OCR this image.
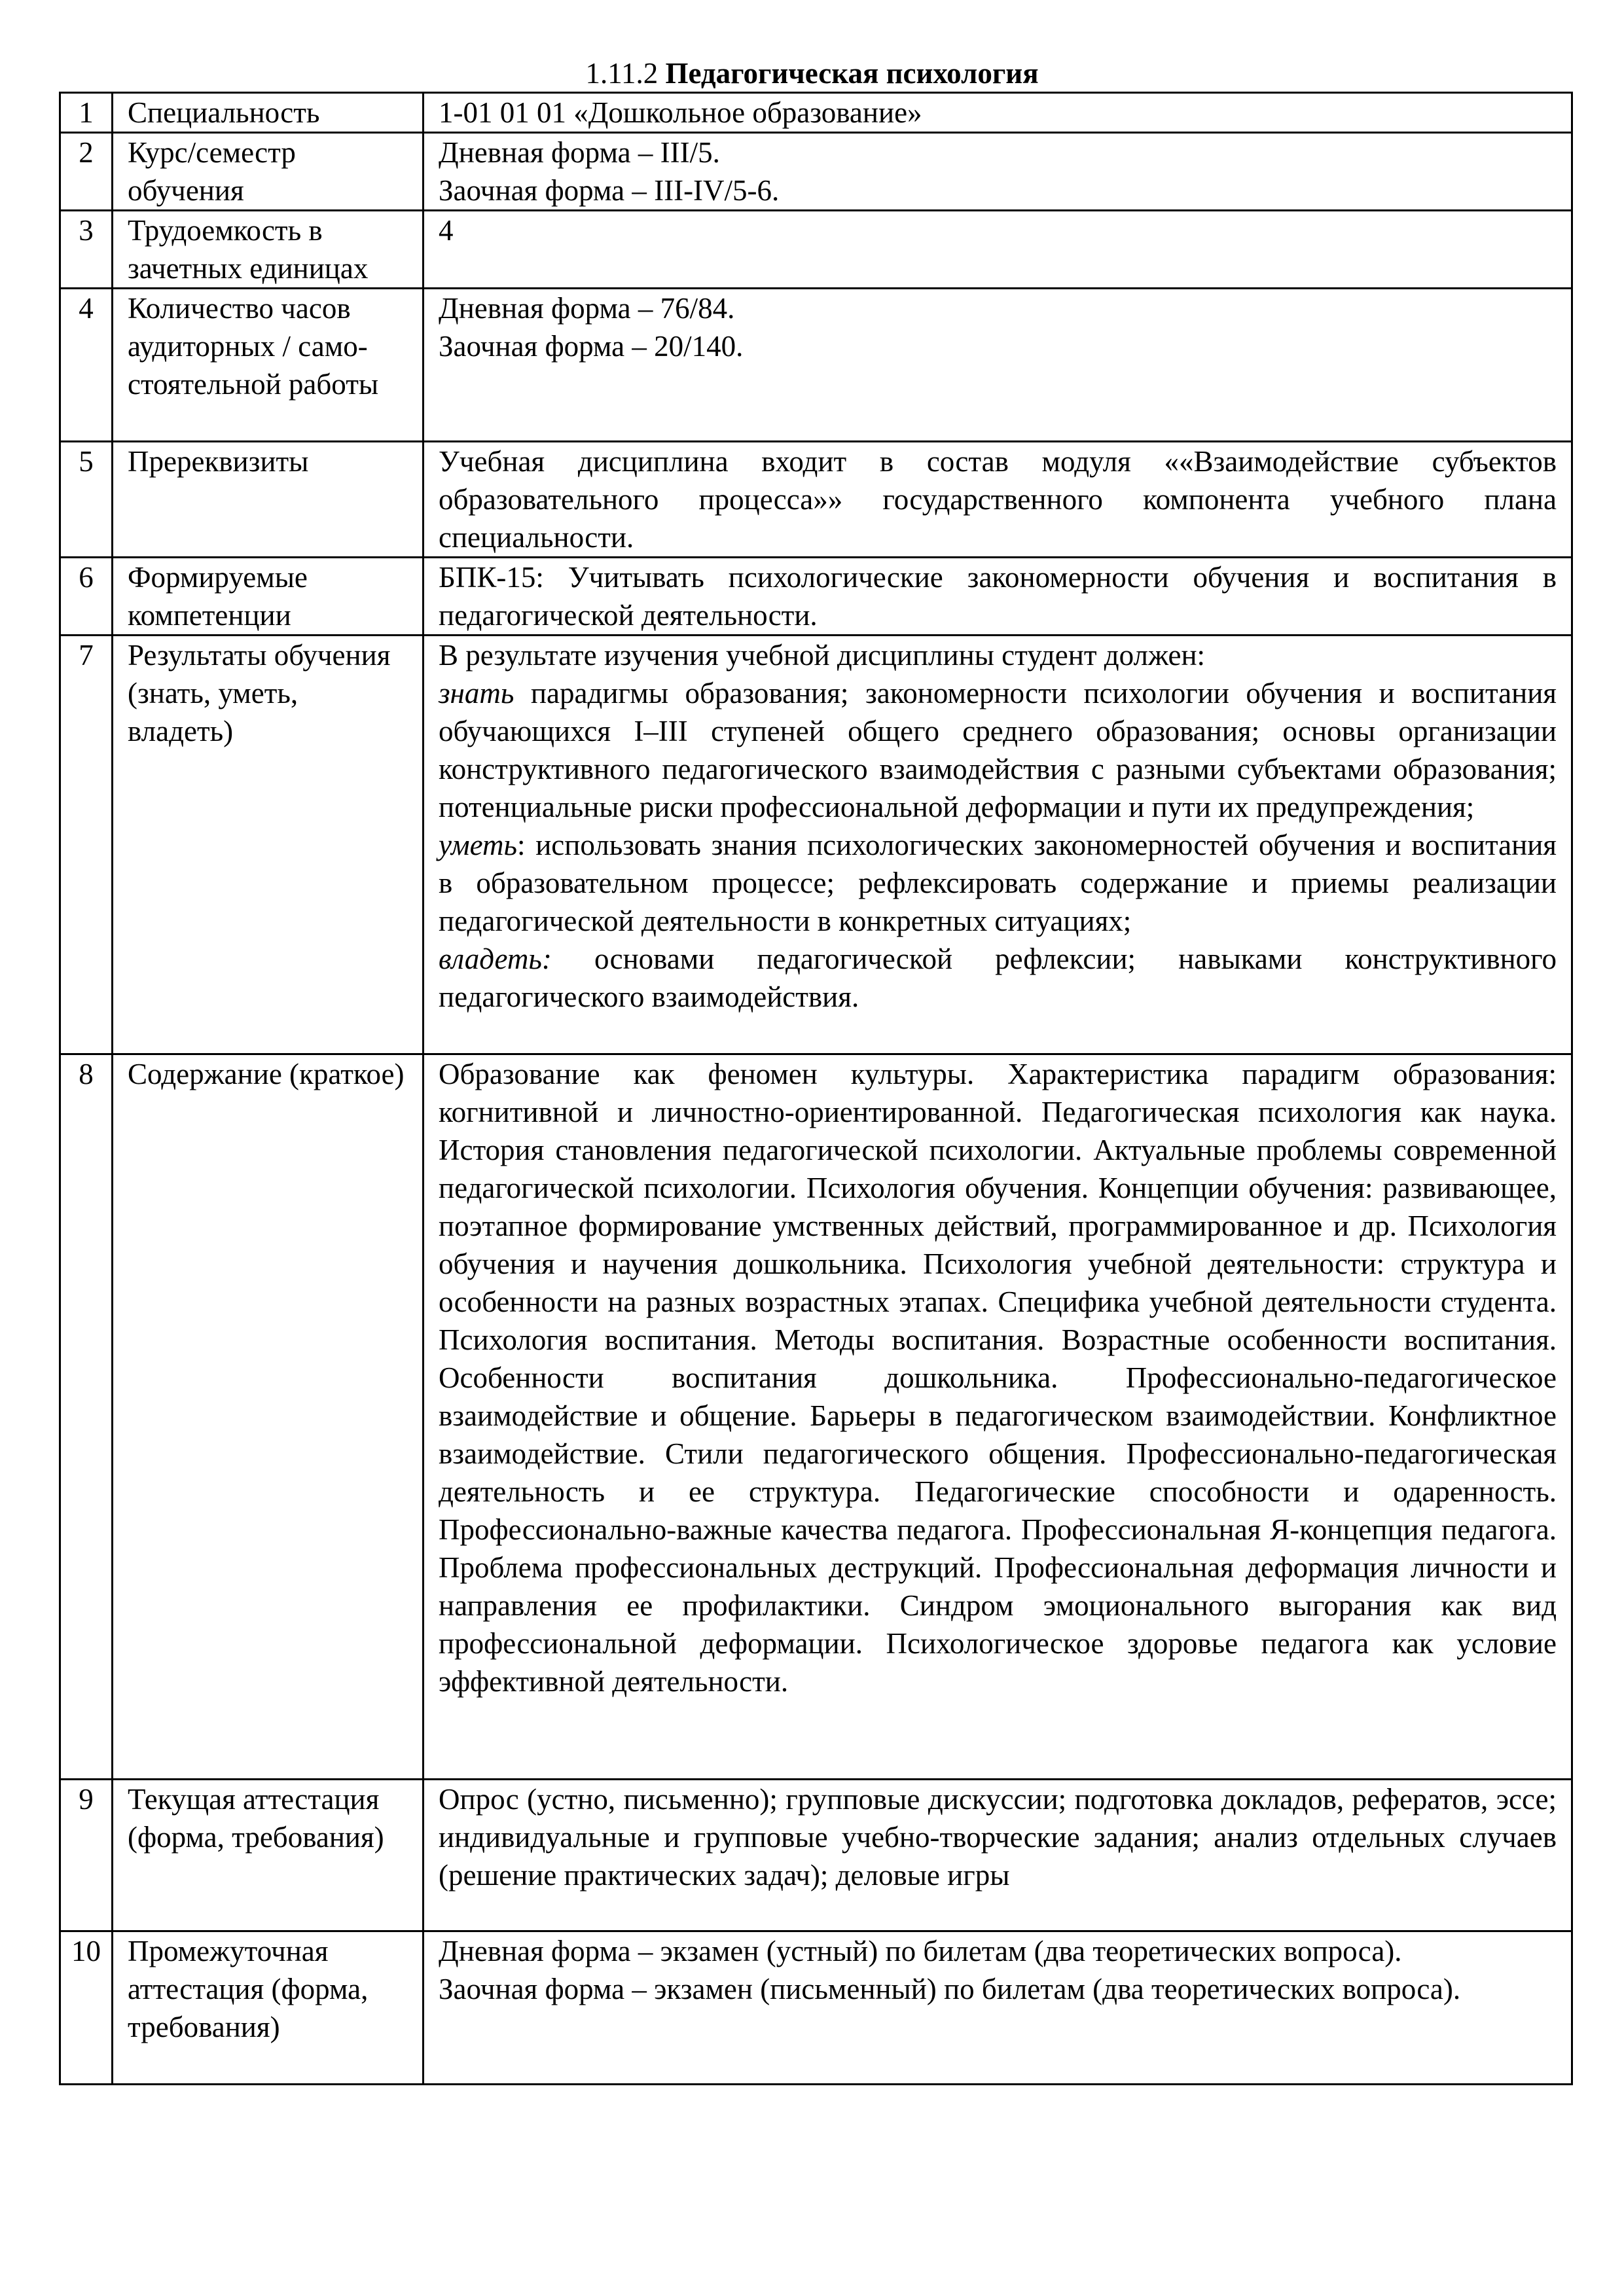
1.11.2 Педагогическая психология
1	Специальность	1-01 01 01 «Дошкольное образование»
2	Курс/семестр обучения	Дневная форма – III/5.
Заочная форма – III-IV/5-6.

3	Трудоемкость в зачетных единицах	4
4	Количество часов аудиторных / само-стоятельной работы	Дневная форма – 76/84.
Заочная форма – 20/140.

5	Пререквизиты	Учебная дисциплина входит в состав модуля ««Взаимодействие субъектов образовательного процесса»» государственного компонента учебного плана специальности.
6	Формируемые компетенции	БПК-15: Учитывать психологические закономерности обучения и воспитания в педагогической деятельности.
7	Результаты обучения (знать, уметь, владеть)	В результате изучения учебной дисциплины студент должен:
знать парадигмы образования; закономерности психологии обучения и воспитания обучающихся I–III ступеней общего среднего образования; основы организации конструктивного педагогического взаимодействия с разными субъектами образования; потенциальные риски профессиональной деформации и пути их предупреждения;
уметь: использовать знания психологических закономерностей обучения и воспитания в образовательном процессе; рефлексировать содержание и приемы реализации педагогической деятельности в конкретных ситуациях;
владеть: основами педагогической рефлексии; навыками конструктивного педагогического взаимодействия.

8	Содержание (краткое)	Образование как феномен культуры. Характеристика парадигм образования: когнитивной и личностно-ориентированной. Педагогическая психология как наука. История становления педагогической психологии. Актуальные проблемы современной педагогической психологии. Психология обучения. Концепции обучения: развивающее, поэтапное формирование умственных действий, программированное и др. Психология обучения и научения дошкольника. Психология учебной деятельности: структура и особенности на разных возрастных этапах. Специфика учебной деятельности студента. Психология воспитания. Методы воспитания. Возрастные особенности воспитания. Особенности воспитания дошкольника. Профессионально-педагогическое взаимодействие и общение. Барьеры в педагогическом взаимодействии. Конфликтное взаимодействие. Стили педагогического общения. Профессионально-педагогическая деятельность и ее структура. Педагогические способности и одаренность. Профессионально-важные качества педагога. Профессиональная Я-концепция педагога. Проблема профессиональных деструкций. Профессиональная деформация личности и направления ее профилактики. Синдром эмоционального выгорания как вид профессиональной деформации. Психологическое здоровье педагога как условие эффективной деятельности.
9	Текущая аттестация (форма, требования)	Опрос (устно, письменно); групповые дискуссии; подготовка докладов, рефератов, эссе; индивидуальные и групповые учебно-творческие задания; анализ отдельных случаев (решение практических задач); деловые игры
10	Промежуточная аттестация (форма, требования)	Дневная форма – экзамен (устный) по билетам (два теоретических вопроса).
Заочная форма – экзамен (письменный) по билетам (два теоретических вопроса).
